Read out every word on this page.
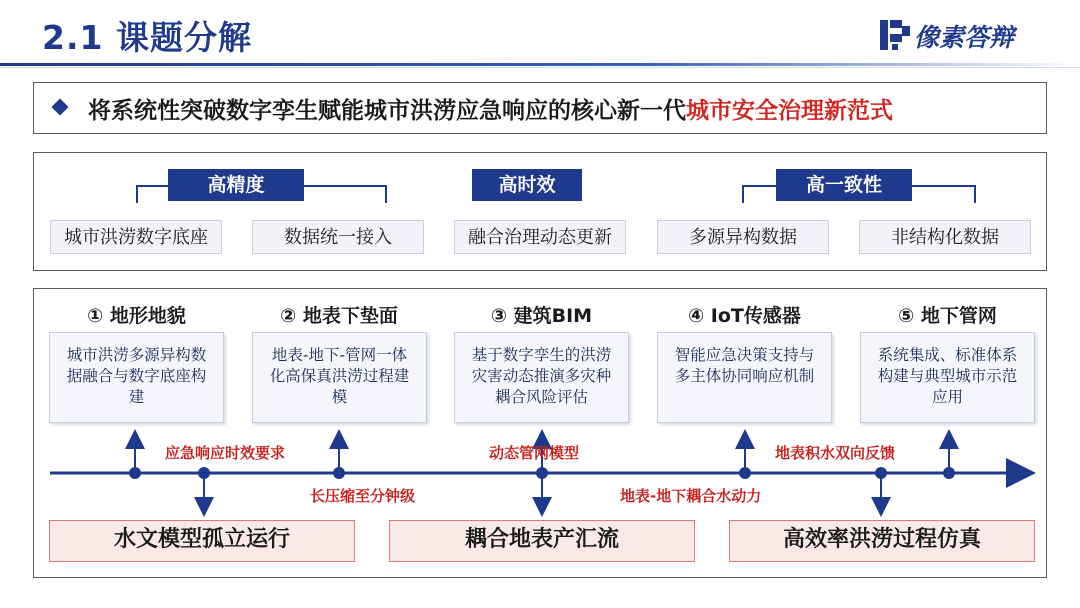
2.1 课题分解	像素答辩
将系统性突破数字孪生赋能城市洪涝应急响应的核心新一代城市安全治理新范式
高精度
城市洪涝数字底座	数据统一接入
高时效
融合治理动态更新
高一致性
多源异构数据	非结构化数据
① 地形地貌	② 地表下垫面	③ 建筑BIM	④ IoT传感器	⑤ 地下管网
城市洪涝多源异构数据融合与数字底座构建
地表-地下-管网一体化高保真洪涝过程建模
基于数字孪生的洪涝灾害动态推演多灾种耦合风险评估
智能应急决策支持与多主体协同响应机制
系统集成、标准体系构建与典型城市示范应用
应急响应时效要求	动态管网模型	地表积水双向反馈
长压缩至分钟级	地表-地下耦合水动力
水文模型孤立运行	耦合地表产汇流	高效率洪涝过程仿真
